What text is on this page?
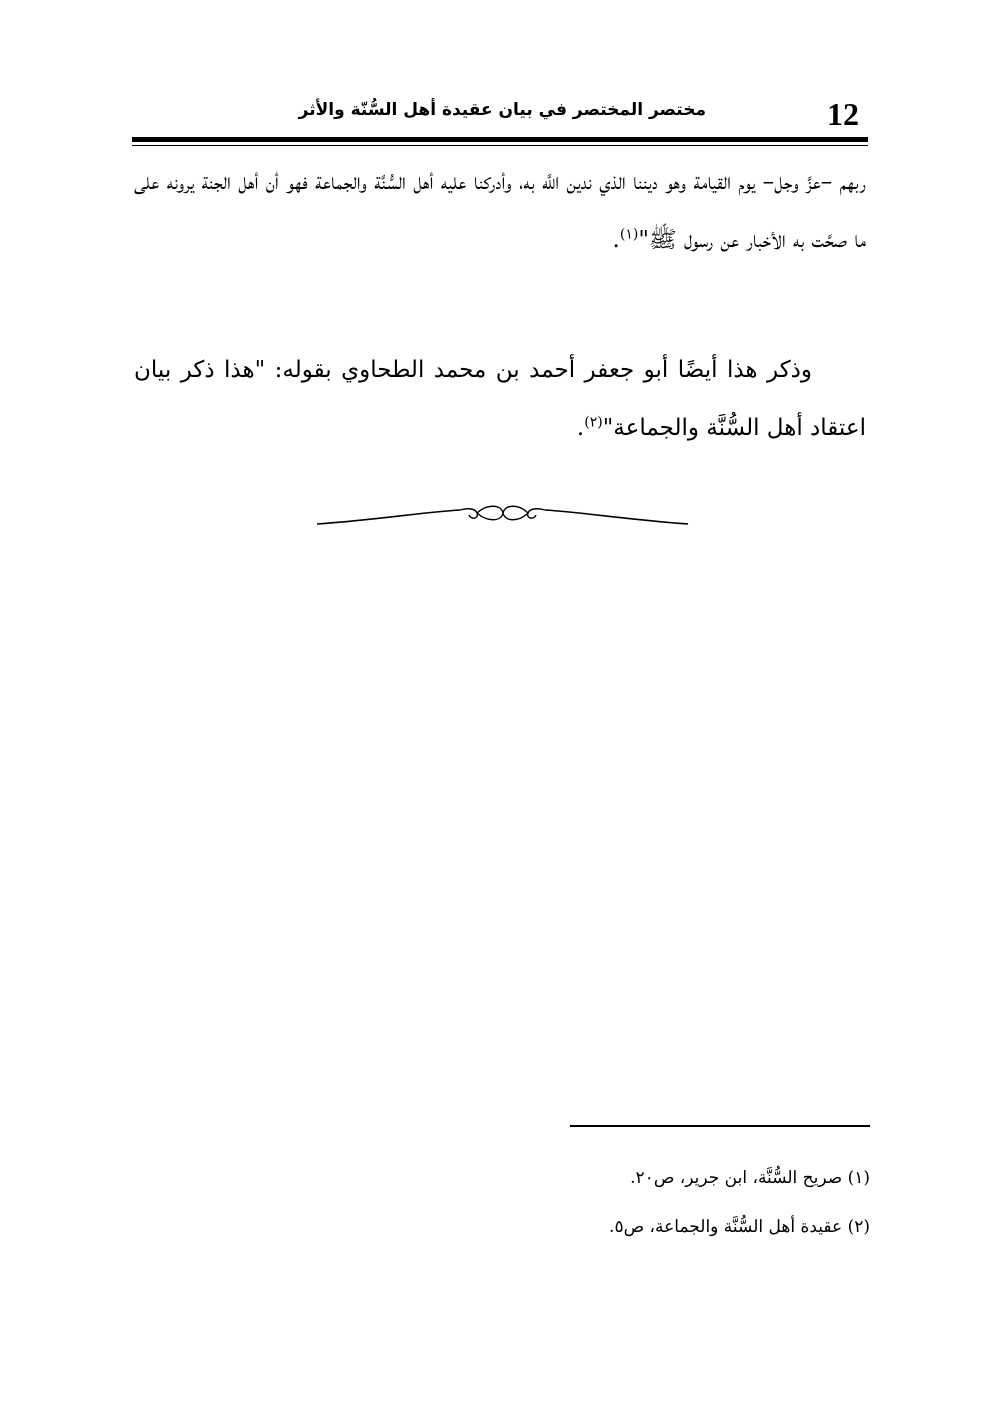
12
مختصر المختصر في بيان عقيدة أهل السُّنّة والأثر
ربهم –عزَّ وجل– يوم القيامة وهو ديننا الذي ندين اللَّه به، وأدركنا عليه أهل السُّنَّة والجماعة فهو أن أهل الجنة يرونه على ما صحَّت به الأخبار عن رسول ﷺ"$^{(١)}$.
وذكر هذا أيضًا أبو جعفر أحمد بن محمد الطحاوي بقوله: "هذا ذكر بيان اعتقاد أهل السُّنَّة والجماعة"$^{(٢)}$.
(١) صريح السُّنَّة، ابن جرير، ص٢٠.
(٢) عقيدة أهل السُّنَّة والجماعة، ص٥.
